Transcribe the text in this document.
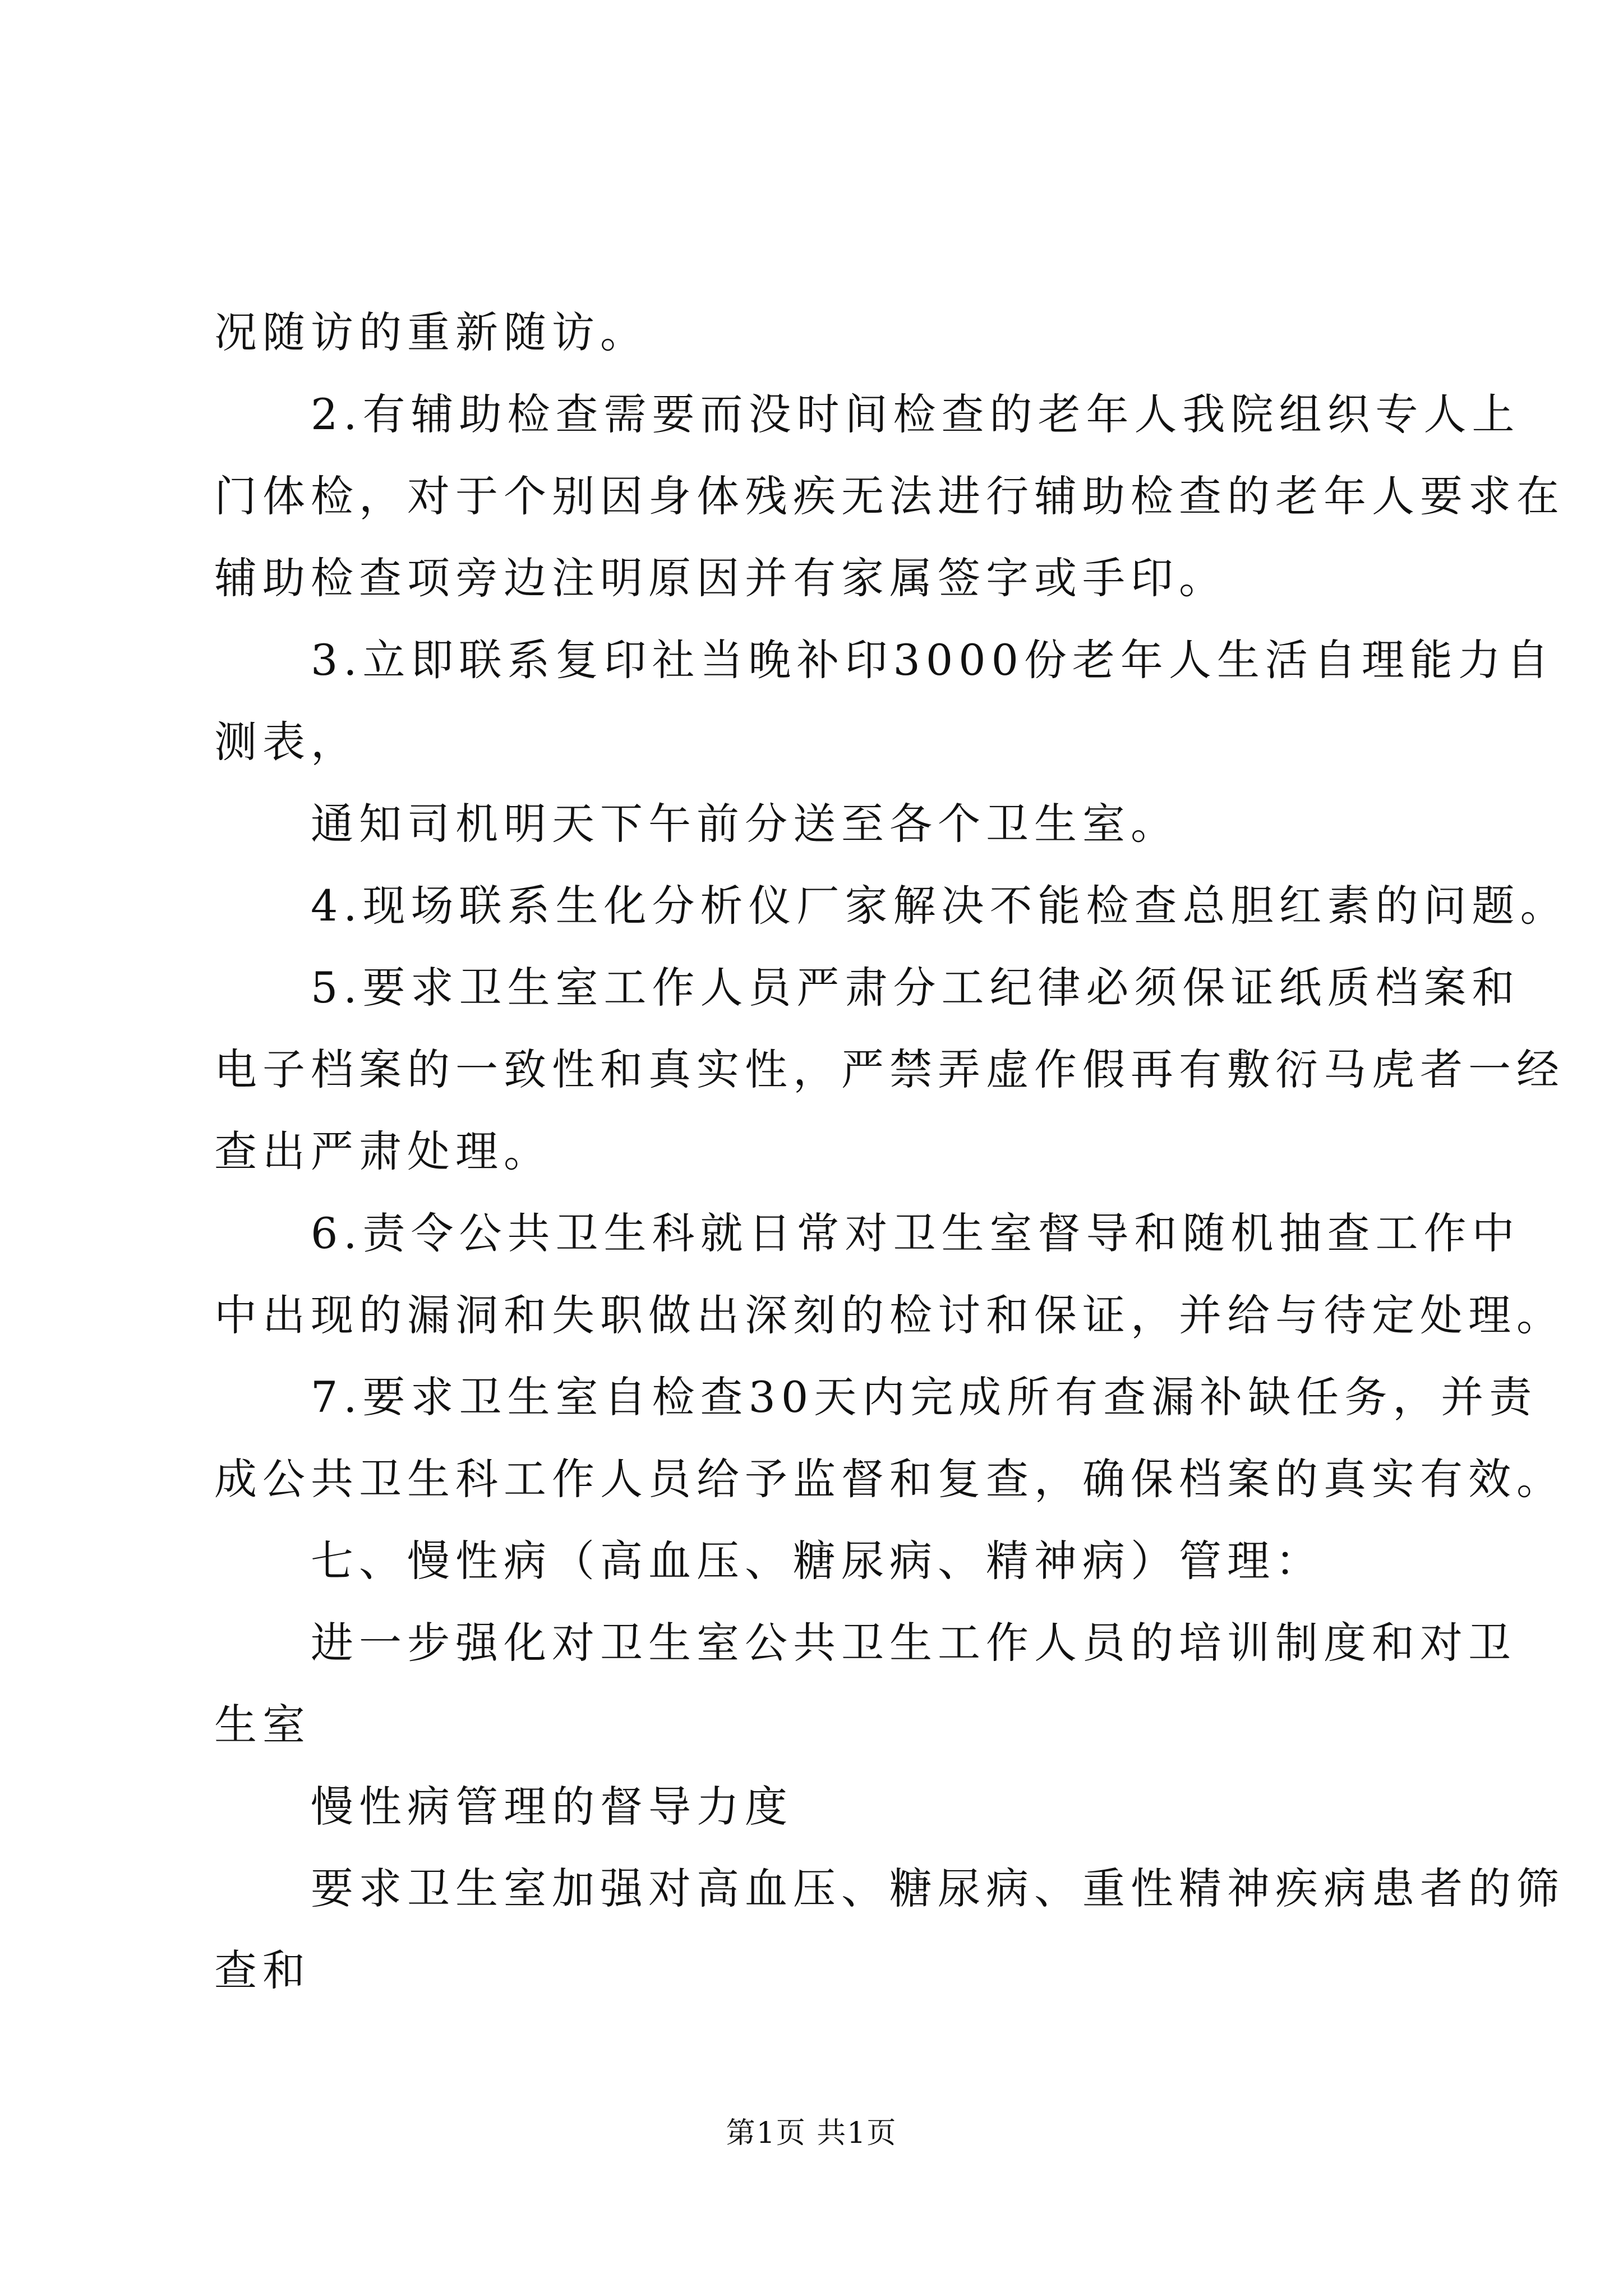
况随访的重新随访。
2.有辅助检查需要而没时间检查的老年人我院组织专人上
门体检，对于个别因身体残疾无法进行辅助检查的老年人要求在
辅助检查项旁边注明原因并有家属签字或手印。
3.立即联系复印社当晚补印3000份老年人生活自理能力自
测表，
通知司机明天下午前分送至各个卫生室。
4.现场联系生化分析仪厂家解决不能检查总胆红素的问题。
5.要求卫生室工作人员严肃分工纪律必须保证纸质档案和
电子档案的一致性和真实性，严禁弄虚作假再有敷衍马虎者一经
查出严肃处理。
6.责令公共卫生科就日常对卫生室督导和随机抽查工作中
中出现的漏洞和失职做出深刻的检讨和保证，并给与待定处理。
7.要求卫生室自检查30天内完成所有查漏补缺任务，并责
成公共卫生科工作人员给予监督和复查，确保档案的真实有效。
七、慢性病（高血压、糖尿病、精神病）管理：
进一步强化对卫生室公共卫生工作人员的培训制度和对卫
生室
慢性病管理的督导力度
要求卫生室加强对高血压、糖尿病、重性精神疾病患者的筛
查和
第1页 共1页
